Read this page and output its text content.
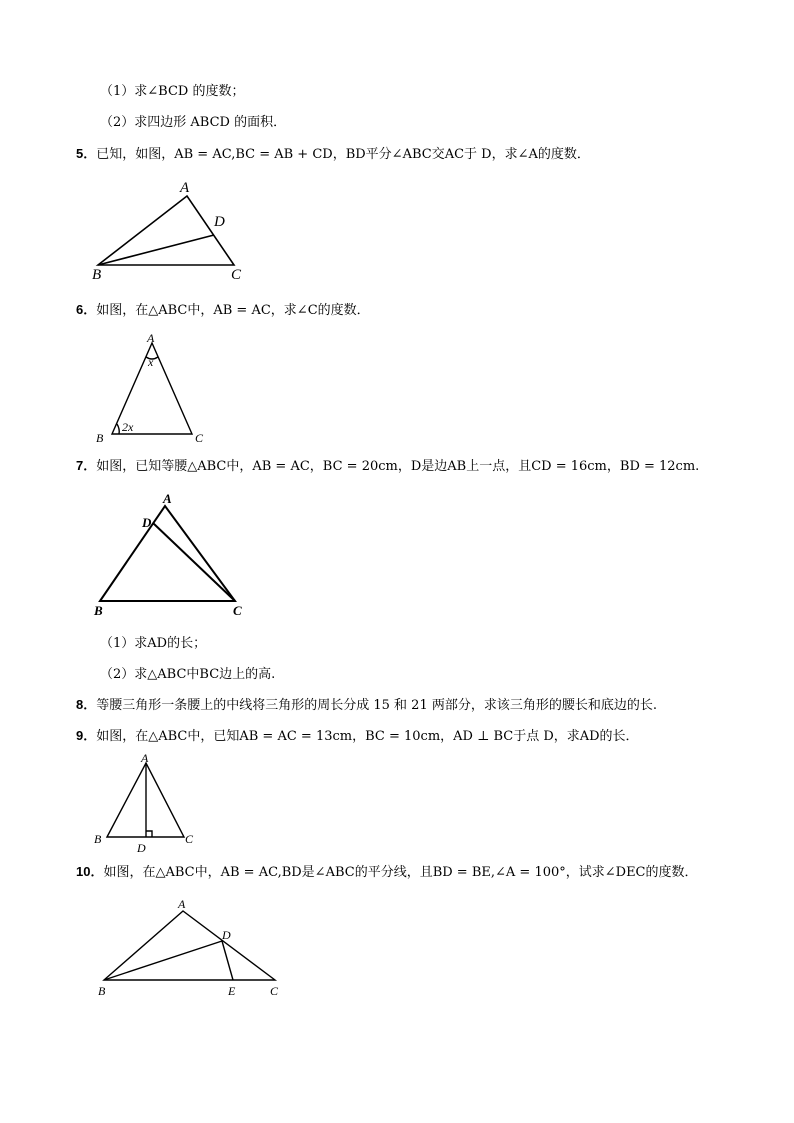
（1）求∠BCD 的度数；
（2）求四边形 ABCD 的面积．
5．已知，如图，AB = AC,BC = AB + CD，BD平分∠ABC交AC于 D，求∠A的度数．
A
D
B	C
6．如图，在△ABC中，AB = AC，求∠C的度数．
A
x
2x
B	C
7．如图，已知等腰△ABC中，AB = AC，BC = 20cm，D是边AB上一点，且CD = 16cm，BD = 12cm.
A
D
B	C
（1）求AD的长；
（2）求△ABC中BC边上的高.
8．等腰三角形一条腰上的中线将三角形的周长分成 15 和 21 两部分，求该三角形的腰长和底边的长.
9．如图，在△ABC中，已知AB = AC = 13cm，BC = 10cm，AD ⊥ BC于点 D，求AD的长．
A
B	C
D
10．如图，在△ABC中，AB = AC,BD是∠ABC的平分线，且BD = BE,∠A = 100°，试求∠DEC的度数．
A
D
B	E	C
